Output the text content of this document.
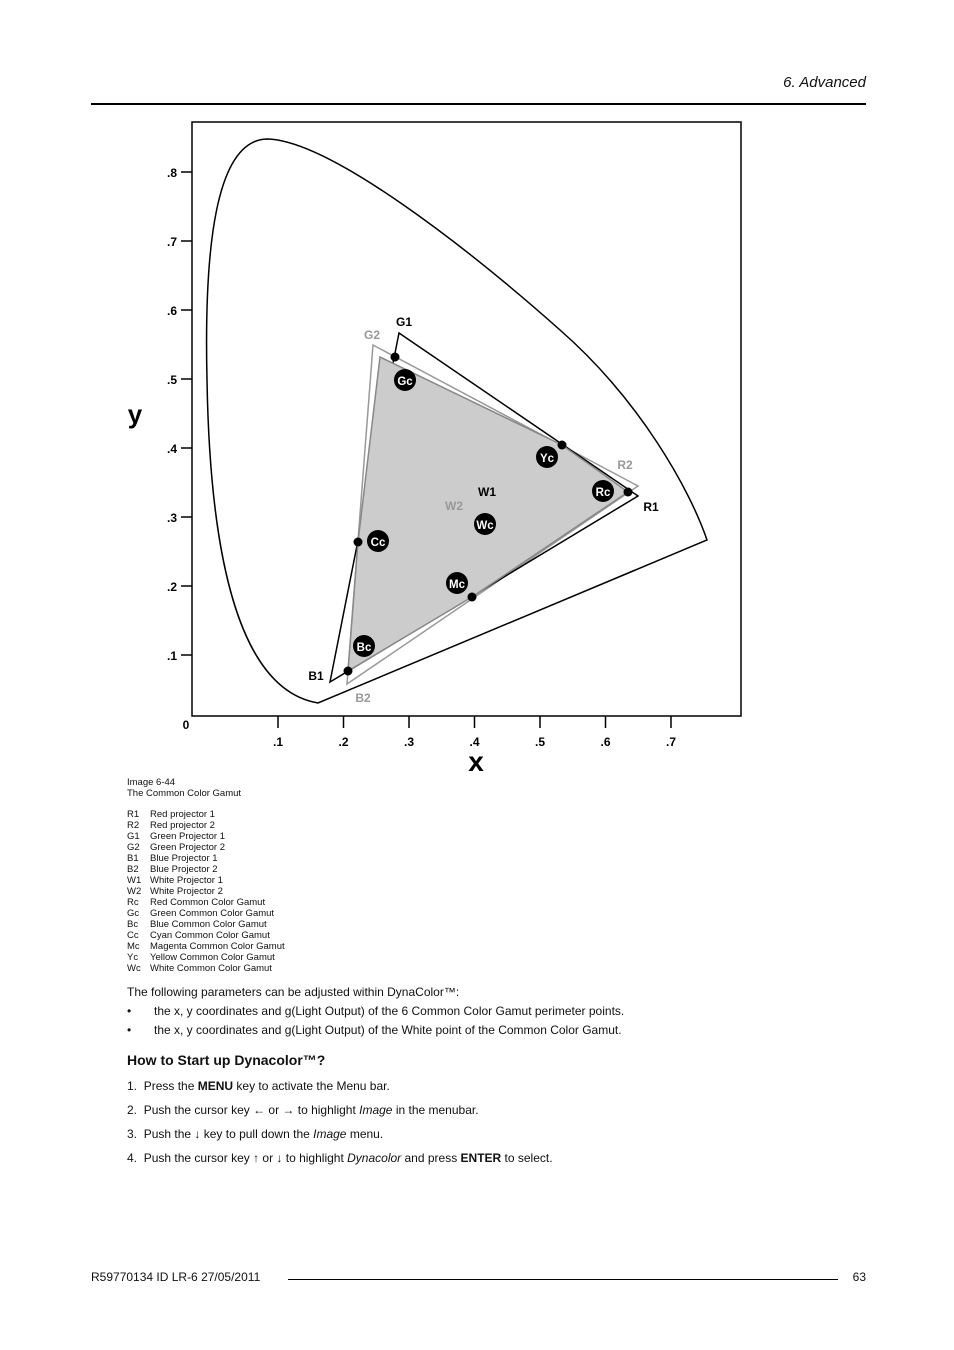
6. Advanced
.1
.2
.3
.4
.5
.6
.7
.8
.1	.2	.3	.4	.5	.6	.7
0
y
x
G1
G2
R2
R1
B1
B2
W1
W2
Gc
Yc
Rc
Wc
Cc
Mc
Bc
Image 6-44
The Common Color Gamut
R1 Red projector 1
R2 Red projector 2
G1 Green Projector 1
G2 Green Projector 2
B1 Blue Projector 1
B2 Blue Projector 2
W1 White Projector 1
W2 White Projector 2
Rc Red Common Color Gamut
Gc Green Common Color Gamut
Bc Blue Common Color Gamut
Cc Cyan Common Color Gamut
Mc Magenta Common Color Gamut
Yc Yellow Common Color Gamut
Wc White Common Color Gamut
The following parameters can be adjusted within DynaColor™:
• the x, y coordinates and g(Light Output) of the 6 Common Color Gamut perimeter points.
• the x, y coordinates and g(Light Output) of the White point of the Common Color Gamut.
How to Start up Dynacolor™?
1. Press the MENU key to activate the Menu bar.
2. Push the cursor key ← or → to highlight Image in the menubar.
3. Push the ↓ key to pull down the Image menu.
4. Push the cursor key ↑ or ↓ to highlight Dynacolor and press ENTER to select.
R59770134 ID LR-6 27/05/2011	63
